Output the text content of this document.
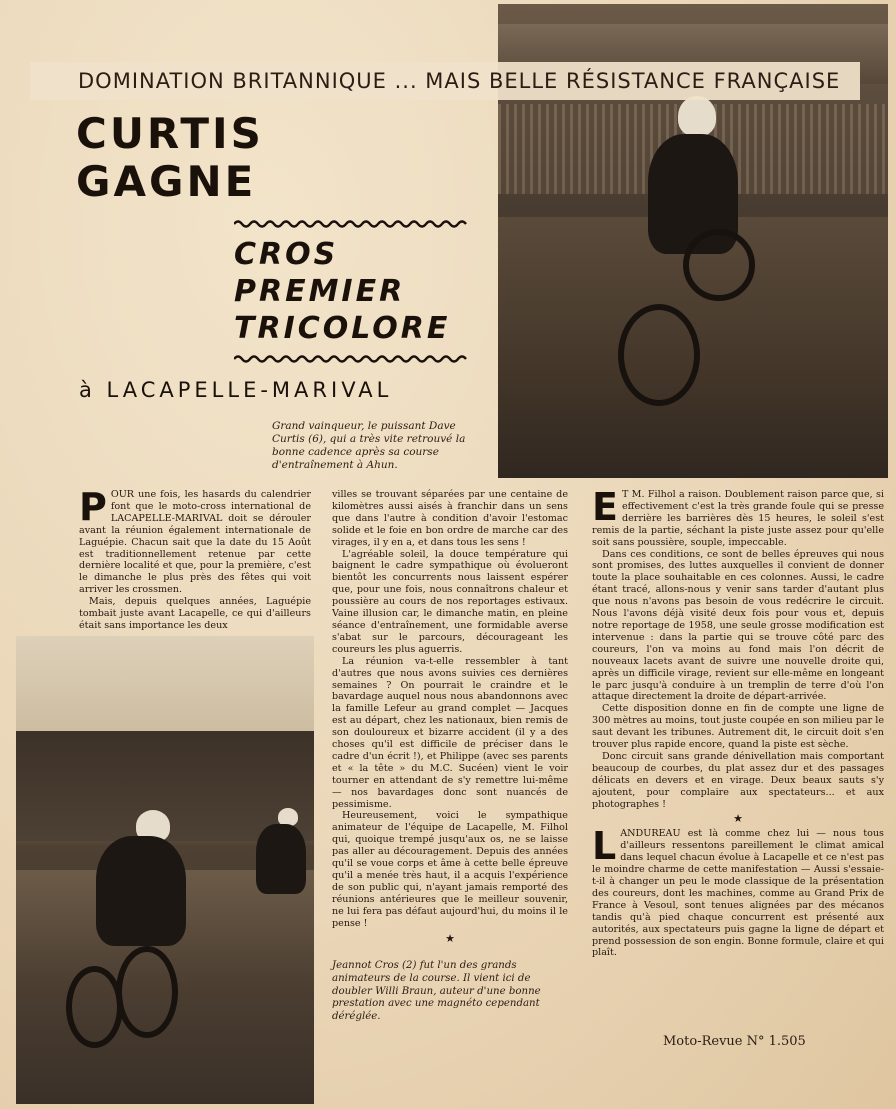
DOMINATION BRITANNIQUE ... MAIS BELLE RÉSISTANCE FRANÇAISE
CURTIS
GAGNE
CROS
PREMIER
TRICOLORE
à LACAPELLE-MARIVAL
Grand vainqueur, le puissant Dave Curtis (6), qui a très vite retrouvé la bonne cadence après sa course d'entraînement à Ahun.
Jeannot Cros (2) fut l'un des grands animateurs de la course. Il vient ici de doubler Willi Braun, auteur d'une bonne prestation avec une magnéto cependant déréglée.
P OUR une fois, les hasards du calendrier font que le moto-cross international de LACAPELLE-MARIVAL doit se dérouler avant la réunion également internationale de Laguépie. Chacun sait que la date du 15 Août est traditionnellement retenue par cette dernière localité et que, pour la première, c'est le dimanche le plus près des fêtes qui voit arriver les crossmen.

Mais, depuis quelques années, Laguépie tombait juste avant Lacapelle, ce qui d'ailleurs était sans importance les deux

villes se trouvant séparées par une centaine de kilomètres aussi aisés à franchir dans un sens que dans l'autre à condition d'avoir l'estomac solide et le foie en bon ordre de marche car des virages, il y en a, et dans tous les sens !

L'agréable soleil, la douce température qui baignent le cadre sympathique où évolueront bientôt les concurrents nous laissent espérer que, pour une fois, nous connaîtrons chaleur et poussière au cours de nos reportages estivaux. Vaine illusion car, le dimanche matin, en pleine séance d'entraînement, une formidable averse s'abat sur le parcours, décourageant les coureurs les plus aguerris.

La réunion va-t-elle ressembler à tant d'autres que nous avons suivies ces dernières semaines ? On pourrait le craindre et le bavardage auquel nous nous abandonnons avec la famille Lefeur au grand complet — Jacques est au départ, chez les nationaux, bien remis de son douloureux et bizarre accident (il y a des choses qu'il est difficile de préciser dans le cadre d'un écrit !), et Philippe (avec ses parents et « la tête » du M.C. Sucéen) vient le voir tourner en attendant de s'y remettre lui-même — nos bavardages donc sont nuancés de pessimisme.

Heureusement, voici le sympathique animateur de l'équipe de Lacapelle, M. Filhol qui, quoique trempé jusqu'aux os, ne se laisse pas aller au découragement. Depuis des années qu'il se voue corps et âme à cette belle épreuve qu'il a menée très haut, il a acquis l'expérience de son public qui, n'ayant jamais remporté des réunions antérieures que le meilleur souvenir, ne lui fera pas défaut aujourd'hui, du moins il le pense !

★
E T M. Filhol a raison. Doublement raison parce que, si effectivement c'est la très grande foule qui se presse derrière les barrières dès 15 heures, le soleil s'est remis de la partie, séchant la piste juste assez pour qu'elle soit sans poussière, souple, impeccable.

Dans ces conditions, ce sont de belles épreuves qui nous sont promises, des luttes auxquelles il convient de donner toute la place souhaitable en ces colonnes. Aussi, le cadre étant tracé, allons-nous y venir sans tarder d'autant plus que nous n'avons pas besoin de vous redécrire le circuit. Nous l'avons déjà visité deux fois pour vous et, depuis notre reportage de 1958, une seule grosse modification est intervenue : dans la partie qui se trouve côté parc des coureurs, l'on va moins au fond mais l'on décrit de nouveaux lacets avant de suivre une nouvelle droite qui, après un difficile virage, revient sur elle-même en longeant le parc jusqu'à conduire à un tremplin de terre d'où l'on attaque directement la droite de départ-arrivée.

Cette disposition donne en fin de compte une ligne de 300 mètres au moins, tout juste coupée en son milieu par le saut devant les tribunes. Autrement dit, le circuit doit s'en trouver plus rapide encore, quand la piste est sèche.

Donc circuit sans grande dénivellation mais comportant beaucoup de courbes, du plat assez dur et des passages délicats en devers et en virage. Deux beaux sauts s'y ajoutent, pour complaire aux spectateurs... et aux photographes !

★
L ANDUREAU est là comme chez lui — nous tous d'ailleurs ressentons pareillement le climat amical dans lequel chacun évolue à Lacapelle et ce n'est pas le moindre charme de cette manifestation — Aussi s'essaie-t-il à changer un peu le mode classique de la présentation des coureurs, dont les machines, comme au Grand Prix de France à Vesoul, sont tenues alignées par des mécanos tandis qu'à pied chaque concurrent est présenté aux autorités, aux spectateurs puis gagne la ligne de départ et prend possession de son engin. Bonne formule, claire et qui plaît.

Moto-Revue N° 1.505
